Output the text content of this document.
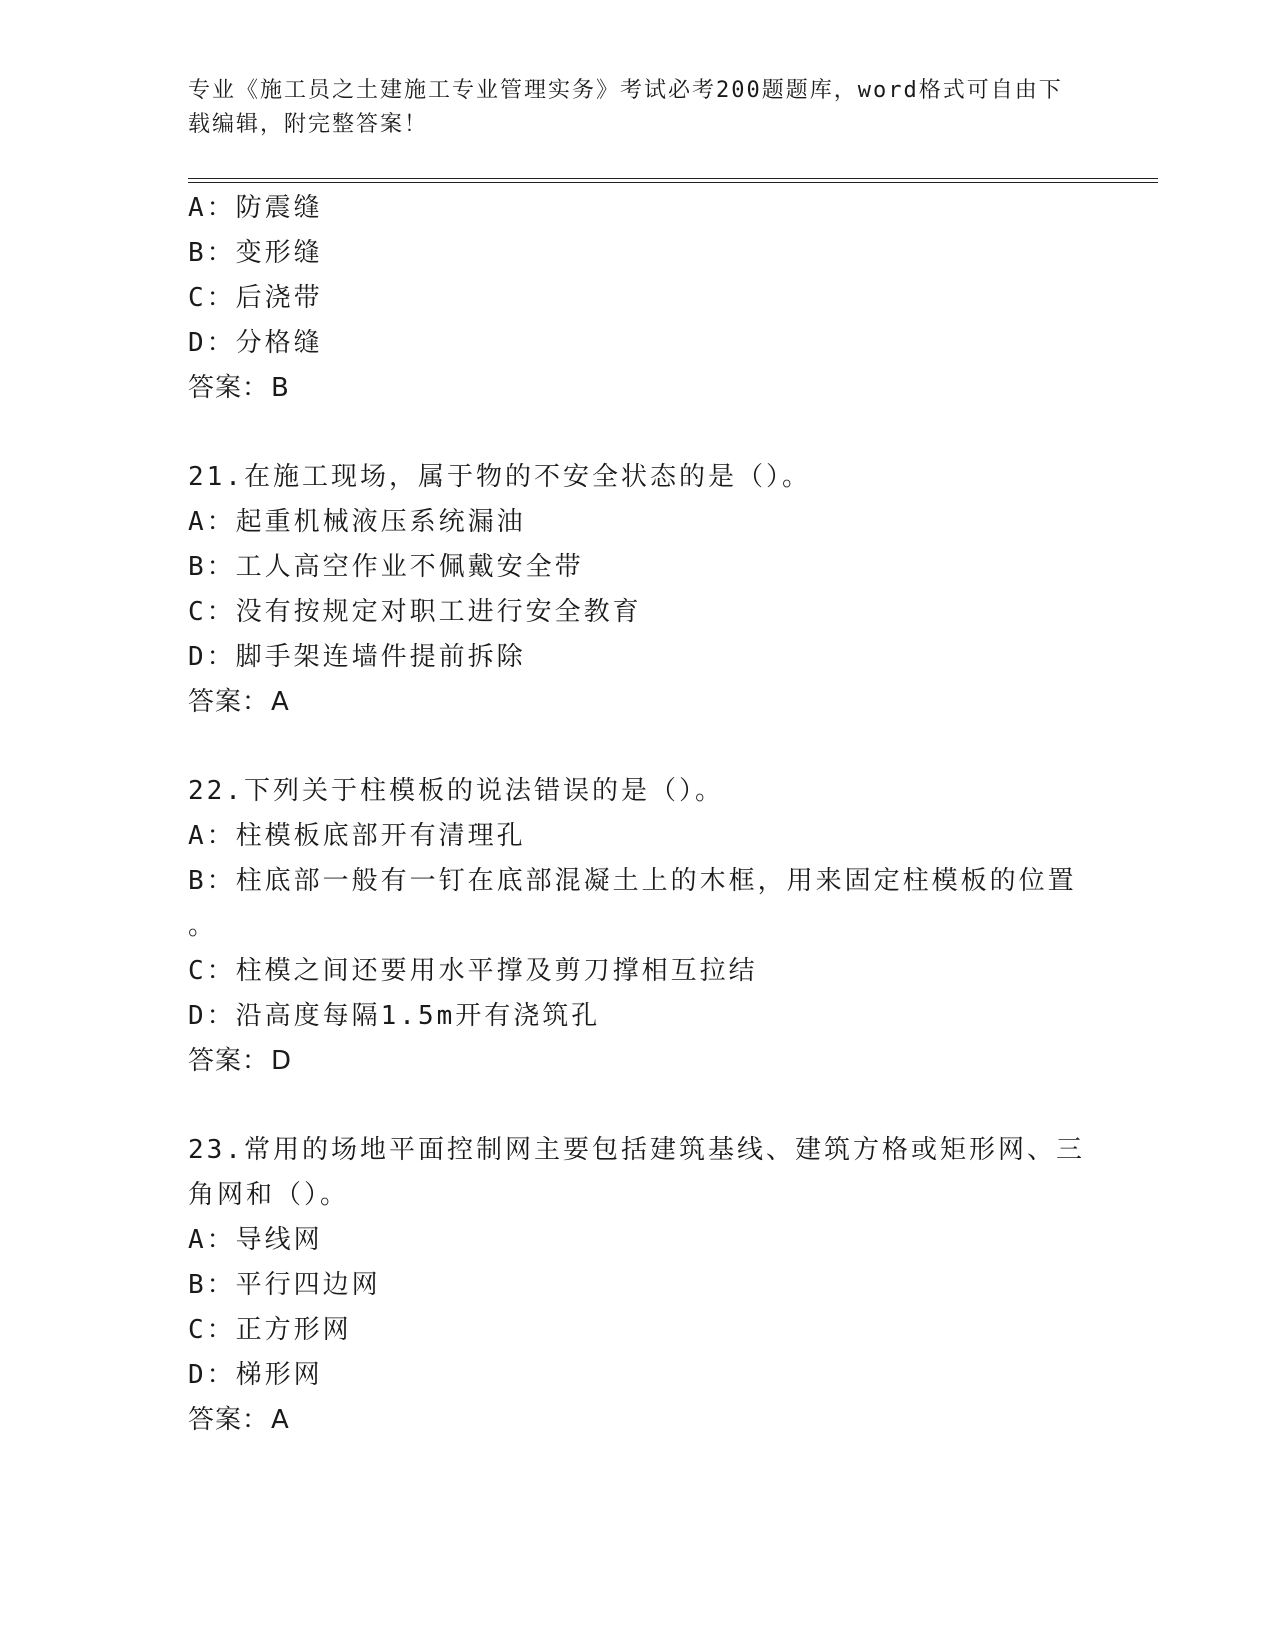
专业《施工员之土建施工专业管理实务》考试必考200题题库，word格式可自由下载编辑，附完整答案！
A：防震缝
B：变形缝
C：后浇带
D：分格缝
答案：B
21.在施工现场，属于物的不安全状态的是（）。
A：起重机械液压系统漏油
B：工人高空作业不佩戴安全带
C：没有按规定对职工进行安全教育
D：脚手架连墙件提前拆除
答案：A
22.下列关于柱模板的说法错误的是（）。
A：柱模板底部开有清理孔
B：柱底部一般有一钉在底部混凝土上的木框，用来固定柱模板的位置
。
C：柱模之间还要用水平撑及剪刀撑相互拉结
D：沿高度每隔1.5m开有浇筑孔
答案：D
23.常用的场地平面控制网主要包括建筑基线、建筑方格或矩形网、三
角网和（）。
A：导线网
B：平行四边网
C：正方形网
D：梯形网
答案：A
